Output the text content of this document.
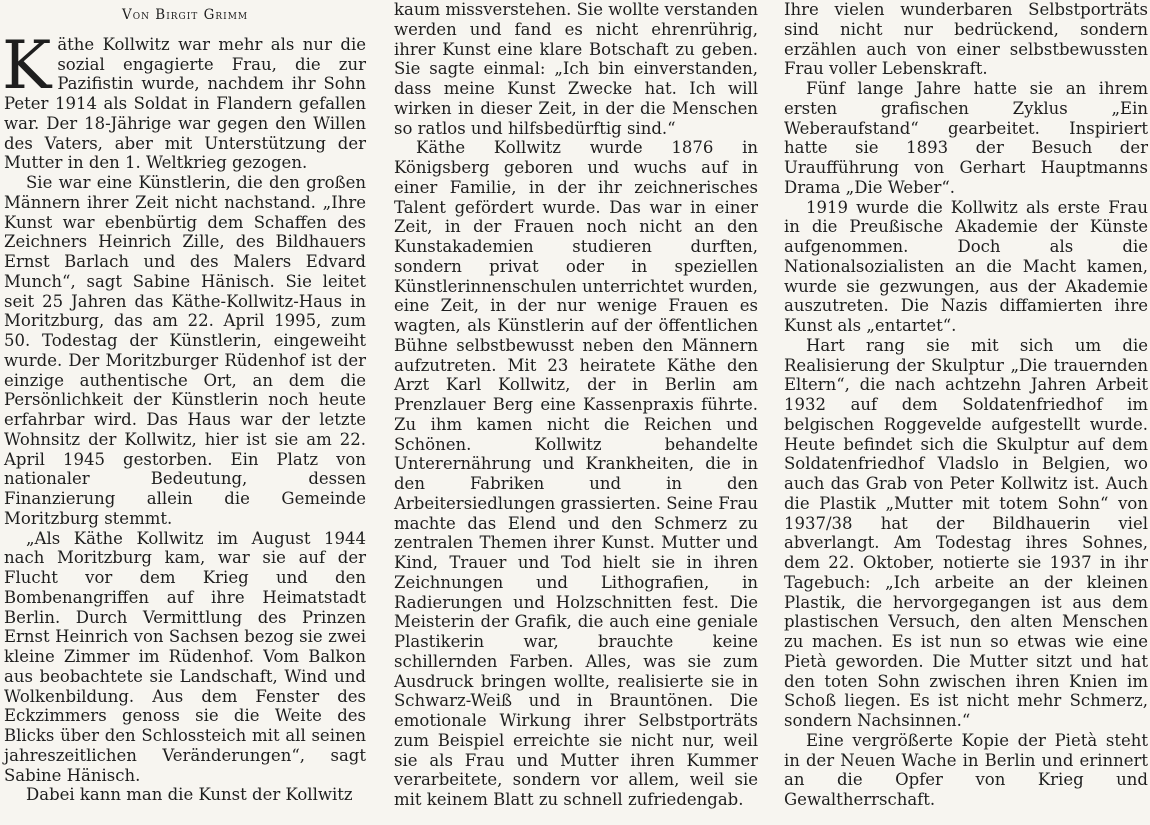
Von Birgit Grimm

Käthe Kollwitz war mehr als nur die sozial engagierte Frau, die zur Pazifistin wurde, nachdem ihr Sohn Peter 1914 als Soldat in Flandern gefallen war. Der 18-Jährige war gegen den Willen des Vaters, aber mit Unterstützung der Mutter in den 1. Weltkrieg gezogen.

Sie war eine Künstlerin, die den großen Männern ihrer Zeit nicht nachstand. „Ihre Kunst war ebenbürtig dem Schaffen des Zeichners Heinrich Zille, des Bildhauers Ernst Barlach und des Malers Edvard Munch“, sagt Sabine Hänisch. Sie leitet seit 25 Jahren das Käthe-Kollwitz-Haus in Moritzburg, das am 22. April 1995, zum 50. Todestag der Künstlerin, eingeweiht wurde. Der Moritzburger Rüdenhof ist der einzige authentische Ort, an dem die Persönlichkeit der Künstlerin noch heute erfahrbar wird. Das Haus war der letzte Wohnsitz der Kollwitz, hier ist sie am 22. April 1945 gestorben. Ein Platz von nationaler Bedeutung, dessen Finanzierung allein die Gemeinde Moritzburg stemmt.

„Als Käthe Kollwitz im August 1944 nach Moritzburg kam, war sie auf der Flucht vor dem Krieg und den Bombenangriffen auf ihre Heimatstadt Berlin. Durch Vermittlung des Prinzen Ernst Heinrich von Sachsen bezog sie zwei kleine Zimmer im Rüdenhof. Vom Balkon aus beobachtete sie Landschaft, Wind und Wolkenbildung. Aus dem Fenster des Eckzimmers genoss sie die Weite des Blicks über den Schlossteich mit all seinen jahreszeitlichen Veränderungen“, sagt Sabine Hänisch.

Dabei kann man die Kunst der Kollwitz

kaum missverstehen. Sie wollte verstanden werden und fand es nicht ehrenrührig, ihrer Kunst eine klare Botschaft zu geben. Sie sagte einmal: „Ich bin einverstanden, dass meine Kunst Zwecke hat. Ich will wirken in dieser Zeit, in der die Menschen so ratlos und hilfsbedürftig sind.“

Käthe Kollwitz wurde 1876 in Königsberg geboren und wuchs auf in einer Familie, in der ihr zeichnerisches Talent gefördert wurde. Das war in einer Zeit, in der Frauen noch nicht an den Kunstakademien studieren durften, sondern privat oder in speziellen Künstlerinnenschulen unterrichtet wurden, eine Zeit, in der nur wenige Frauen es wagten, als Künstlerin auf der öffentlichen Bühne selbstbewusst neben den Männern aufzutreten. Mit 23 heiratete Käthe den Arzt Karl Kollwitz, der in Berlin am Prenzlauer Berg eine Kassenpraxis führte. Zu ihm kamen nicht die Reichen und Schönen. Kollwitz behandelte Unterernährung und Krankheiten, die in den Fabriken und in den Arbeitersiedlungen grassierten. Seine Frau machte das Elend und den Schmerz zu zentralen Themen ihrer Kunst. Mutter und Kind, Trauer und Tod hielt sie in ihren Zeichnungen und Lithografien, in Radierungen und Holzschnitten fest. Die Meisterin der Grafik, die auch eine geniale Plastikerin war, brauchte keine schillernden Farben. Alles, was sie zum Ausdruck bringen wollte, realisierte sie in Schwarz-Weiß und in Brauntönen. Die emotionale Wirkung ihrer Selbstporträts zum Beispiel erreichte sie nicht nur, weil sie als Frau und Mutter ihren Kummer verarbeitete, sondern vor allem, weil sie mit keinem Blatt zu schnell zufriedengab.

Ihre vielen wunderbaren Selbstporträts sind nicht nur bedrückend, sondern erzählen auch von einer selbstbewussten Frau voller Lebenskraft.

Fünf lange Jahre hatte sie an ihrem ersten grafischen Zyklus „Ein Weberaufstand“ gearbeitet. Inspiriert hatte sie 1893 der Besuch der Uraufführung von Gerhart Hauptmanns Drama „Die Weber“.

1919 wurde die Kollwitz als erste Frau in die Preußische Akademie der Künste aufgenommen. Doch als die Nationalsozialisten an die Macht kamen, wurde sie gezwungen, aus der Akademie auszutreten. Die Nazis diffamierten ihre Kunst als „entartet“.

Hart rang sie mit sich um die Realisierung der Skulptur „Die trauernden Eltern“, die nach achtzehn Jahren Arbeit 1932 auf dem Soldatenfriedhof im belgischen Roggevelde aufgestellt wurde. Heute befindet sich die Skulptur auf dem Soldatenfriedhof Vladslo in Belgien, wo auch das Grab von Peter Kollwitz ist. Auch die Plastik „Mutter mit totem Sohn“ von 1937/38 hat der Bildhauerin viel abverlangt. Am Todestag ihres Sohnes, dem 22. Oktober, notierte sie 1937 in ihr Tagebuch: „Ich arbeite an der kleinen Plastik, die hervorgegangen ist aus dem plastischen Versuch, den alten Menschen zu machen. Es ist nun so etwas wie eine Pietà geworden. Die Mutter sitzt und hat den toten Sohn zwischen ihren Knien im Schoß liegen. Es ist nicht mehr Schmerz, sondern Nachsinnen.“

Eine vergrößerte Kopie der Pietà steht in der Neuen Wache in Berlin und erinnert an die Opfer von Krieg und Gewaltherrschaft.
